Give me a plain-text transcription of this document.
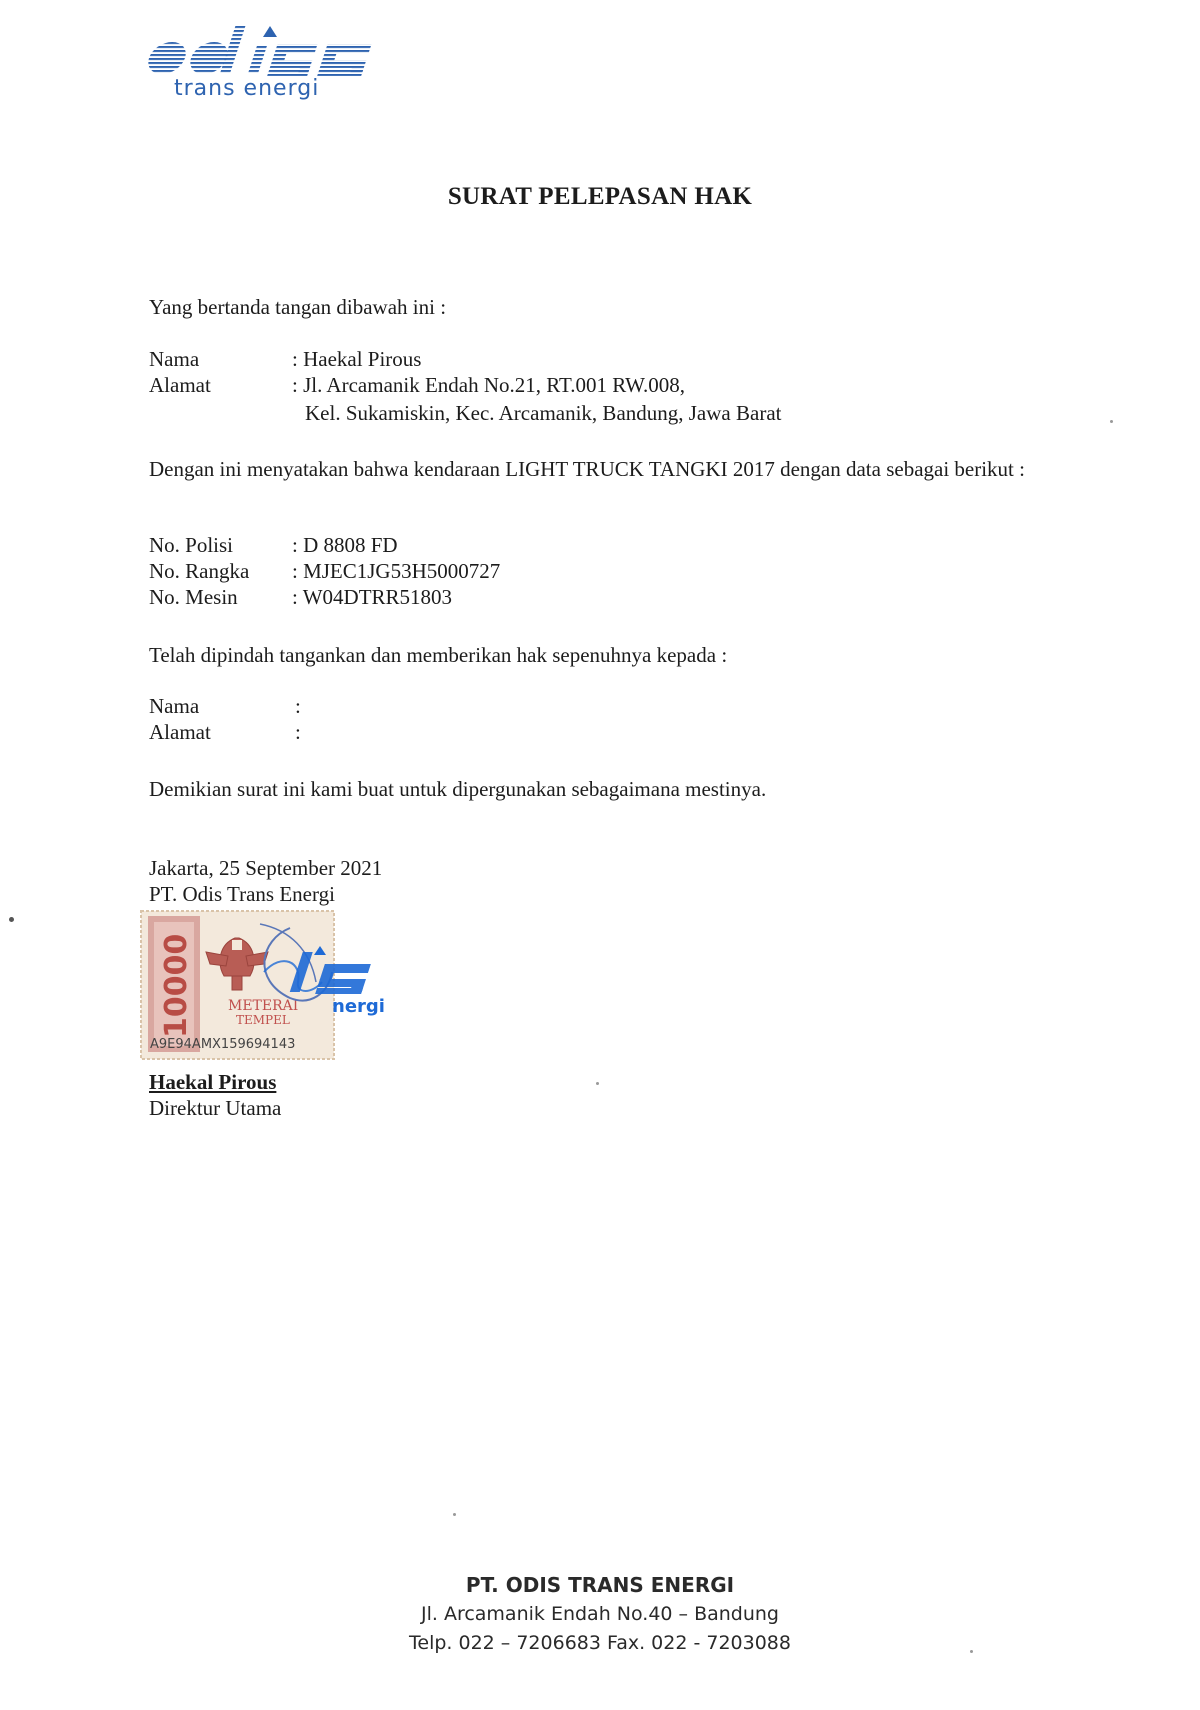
trans energi
SURAT PELEPASAN HAK
Yang bertanda tangan dibawah ini :
Nama	: Haekal Pirous
Alamat	: Jl. Arcamanik Endah No.21, RT.001 RW.008,
Kel. Sukamiskin, Kec. Arcamanik, Bandung, Jawa Barat
Dengan ini menyatakan bahwa kendaraan LIGHT TRUCK TANGKI 2017 dengan data sebagai berikut :
No. Polisi	: D 8808 FD
No. Rangka : MJEC1JG53H5000727
No. Mesin	: W04DTRR51803
Telah dipindah tangankan dan memberikan hak sepenuhnya kepada :
Nama	:
Alamat	:
Demikian surat ini kami buat untuk dipergunakan sebagaimana mestinya.
Jakarta, 25 September 2021
PT. Odis Trans Energi
10000 METERAI
TEMPEL
A9E94AMX159694143
nergi
Haekal Pirous
Direktur Utama
PT. ODIS TRANS ENERGI
Jl. Arcamanik Endah No.40 – Bandung
Telp. 022 – 7206683 Fax. 022 - 7203088
